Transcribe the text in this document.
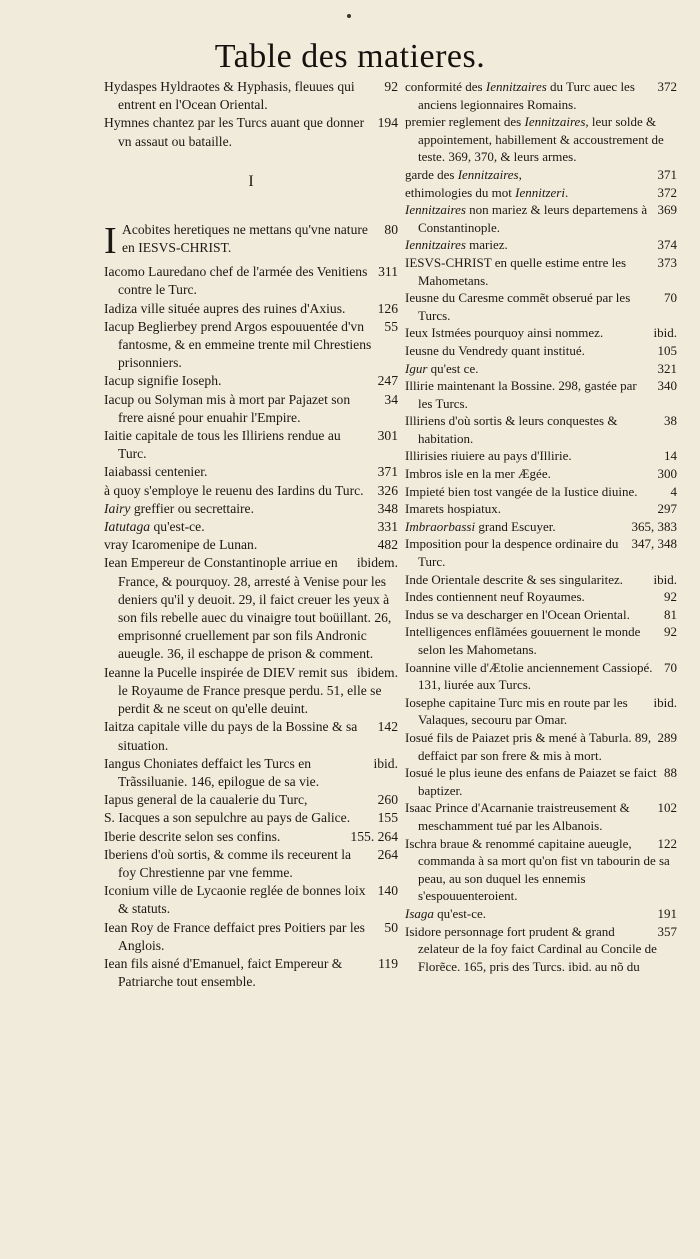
Table des matieres.
92
Hydaspes Hyldraotes & Hyphasis, fleuues qui entrent en l'Ocean Oriental.
194
Hymnes chantez par les Turcs auant que donner vn assaut ou bataille.
I
I	80
Acobites heretiques ne mettans qu'vne nature en IESVS-CHRIST.
311
Iacomo Lauredano chef de l'armée des Venitiens contre le Turc.
126
Iadiza ville située aupres des ruines d'Axius.
55
Iacup Beglierbey prend Argos espouuentée d'vn fantosme, & en emmeine trente mil Chrestiens prisonniers.
247
Iacup signifie Ioseph.
34
Iacup ou Solyman mis à mort par Pajazet son frere aisné pour enuahir l'Empire.
301
Iaitie capitale de tous les Illiriens rendue au Turc.
371
Iaiabassi centenier.
326
à quoy s'employe le reuenu des Iardins du Turc.
348
Iairy greffier ou secrettaire.
331
Iatutaga qu'est-ce.
482
vray Icaromenipe de Lunan.
ibidem.
Iean Empereur de Constantinople arriue en France, & pourquoy. 28, arresté à Venise pour les deniers qu'il y deuoit. 29, il faict creuer les yeux à son fils rebelle auec du vinaigre tout boüillant. 26, emprisonné cruellement par son fils Andronic aueugle. 36, il eschappe de prison & comment.
ibidem.
Ieanne la Pucelle inspirée de DIEV remit sus le Royaume de France presque perdu. 51, elle se perdit & ne sceut on qu'elle deuint.
142
Iaitza capitale ville du pays de la Bossine & sa situation.
ibid.
Iangus Choniates deffaict les Turcs en Trãssiluanie. 146, epilogue de sa vie.
260
Iapus general de la caualerie du Turc,
155
S. Iacques a son sepulchre au pays de Galice.
155. 264
Iberie descrite selon ses confins.
264
Iberiens d'où sortis, & comme ils receurent la foy Chrestienne par vne femme.
140
Iconium ville de Lycaonie reglée de bonnes loix & statuts.
50
Iean Roy de France deffaict pres Poitiers par les Anglois.
119
Iean fils aisné d'Emanuel, faict Empereur & Patriarche tout ensemble.
372
conformité des Iennitzaires du Turc auec les anciens legionnaires Romains.
premier reglement des Iennitzaires, leur solde & appointement, habillement & accoustrement de teste. 369, 370, & leurs armes.
371
garde des Iennitzaires,
372
ethimologies du mot Iennitzeri.
369
Iennitzaires non mariez & leurs departemens à Constantinople.
374
Iennitzaires mariez.
373
IESVS-CHRIST en quelle estime entre les Mahometans.
70
Ieusne du Caresme commẽt obserué par les Turcs.
ibid.
Ieux Istmées pourquoy ainsi nommez.
105
Ieusne du Vendredy quant institué.
321
Igur qu'est ce.
340
Illirie maintenant la Bossine. 298, gastée par les Turcs.
38
Illiriens d'où sortis & leurs conquestes & habitation.
14
Illirisies riuiere au pays d'Illirie.
300
Imbros isle en la mer Ægée.
4
Impieté bien tost vangée de la Iustice diuine.
297
Imarets hospiatux.
365, 383
Imbraorbassi grand Escuyer.
347, 348
Imposition pour la despence ordinaire du Turc.
ibid.
Inde Orientale descrite & ses singularitez.
92
Indes contiennent neuf Royaumes.
81
Indus se va descharger en l'Ocean Oriental.
92
Intelligences enflãmées gouuernent le monde selon les Mahometans.
70
Ioannine ville d'Ætolie anciennement Cassiopé. 131, liurée aux Turcs.
ibid.
Iosephe capitaine Turc mis en route par les Valaques, secouru par Omar.
289
Iosué fils de Paiazet pris & mené à Taburla. 89, deffaict par son frere & mis à mort.
88
Iosué le plus ieune des enfans de Paiazet se faict baptizer.
102
Isaac Prince d'Acarnanie traistreusement & meschamment tué par les Albanois.
122
Ischra braue & renommé capitaine aueugle, commanda à sa mort qu'on fist vn tabourin de sa peau, au son duquel les ennemis s'espouuenteroient.
191
Isaga qu'est-ce.
357
Isidore personnage fort prudent & grand zelateur de la foy faict Cardinal au Concile de Florẽce. 165, pris des Turcs. ibid. au nõ du
